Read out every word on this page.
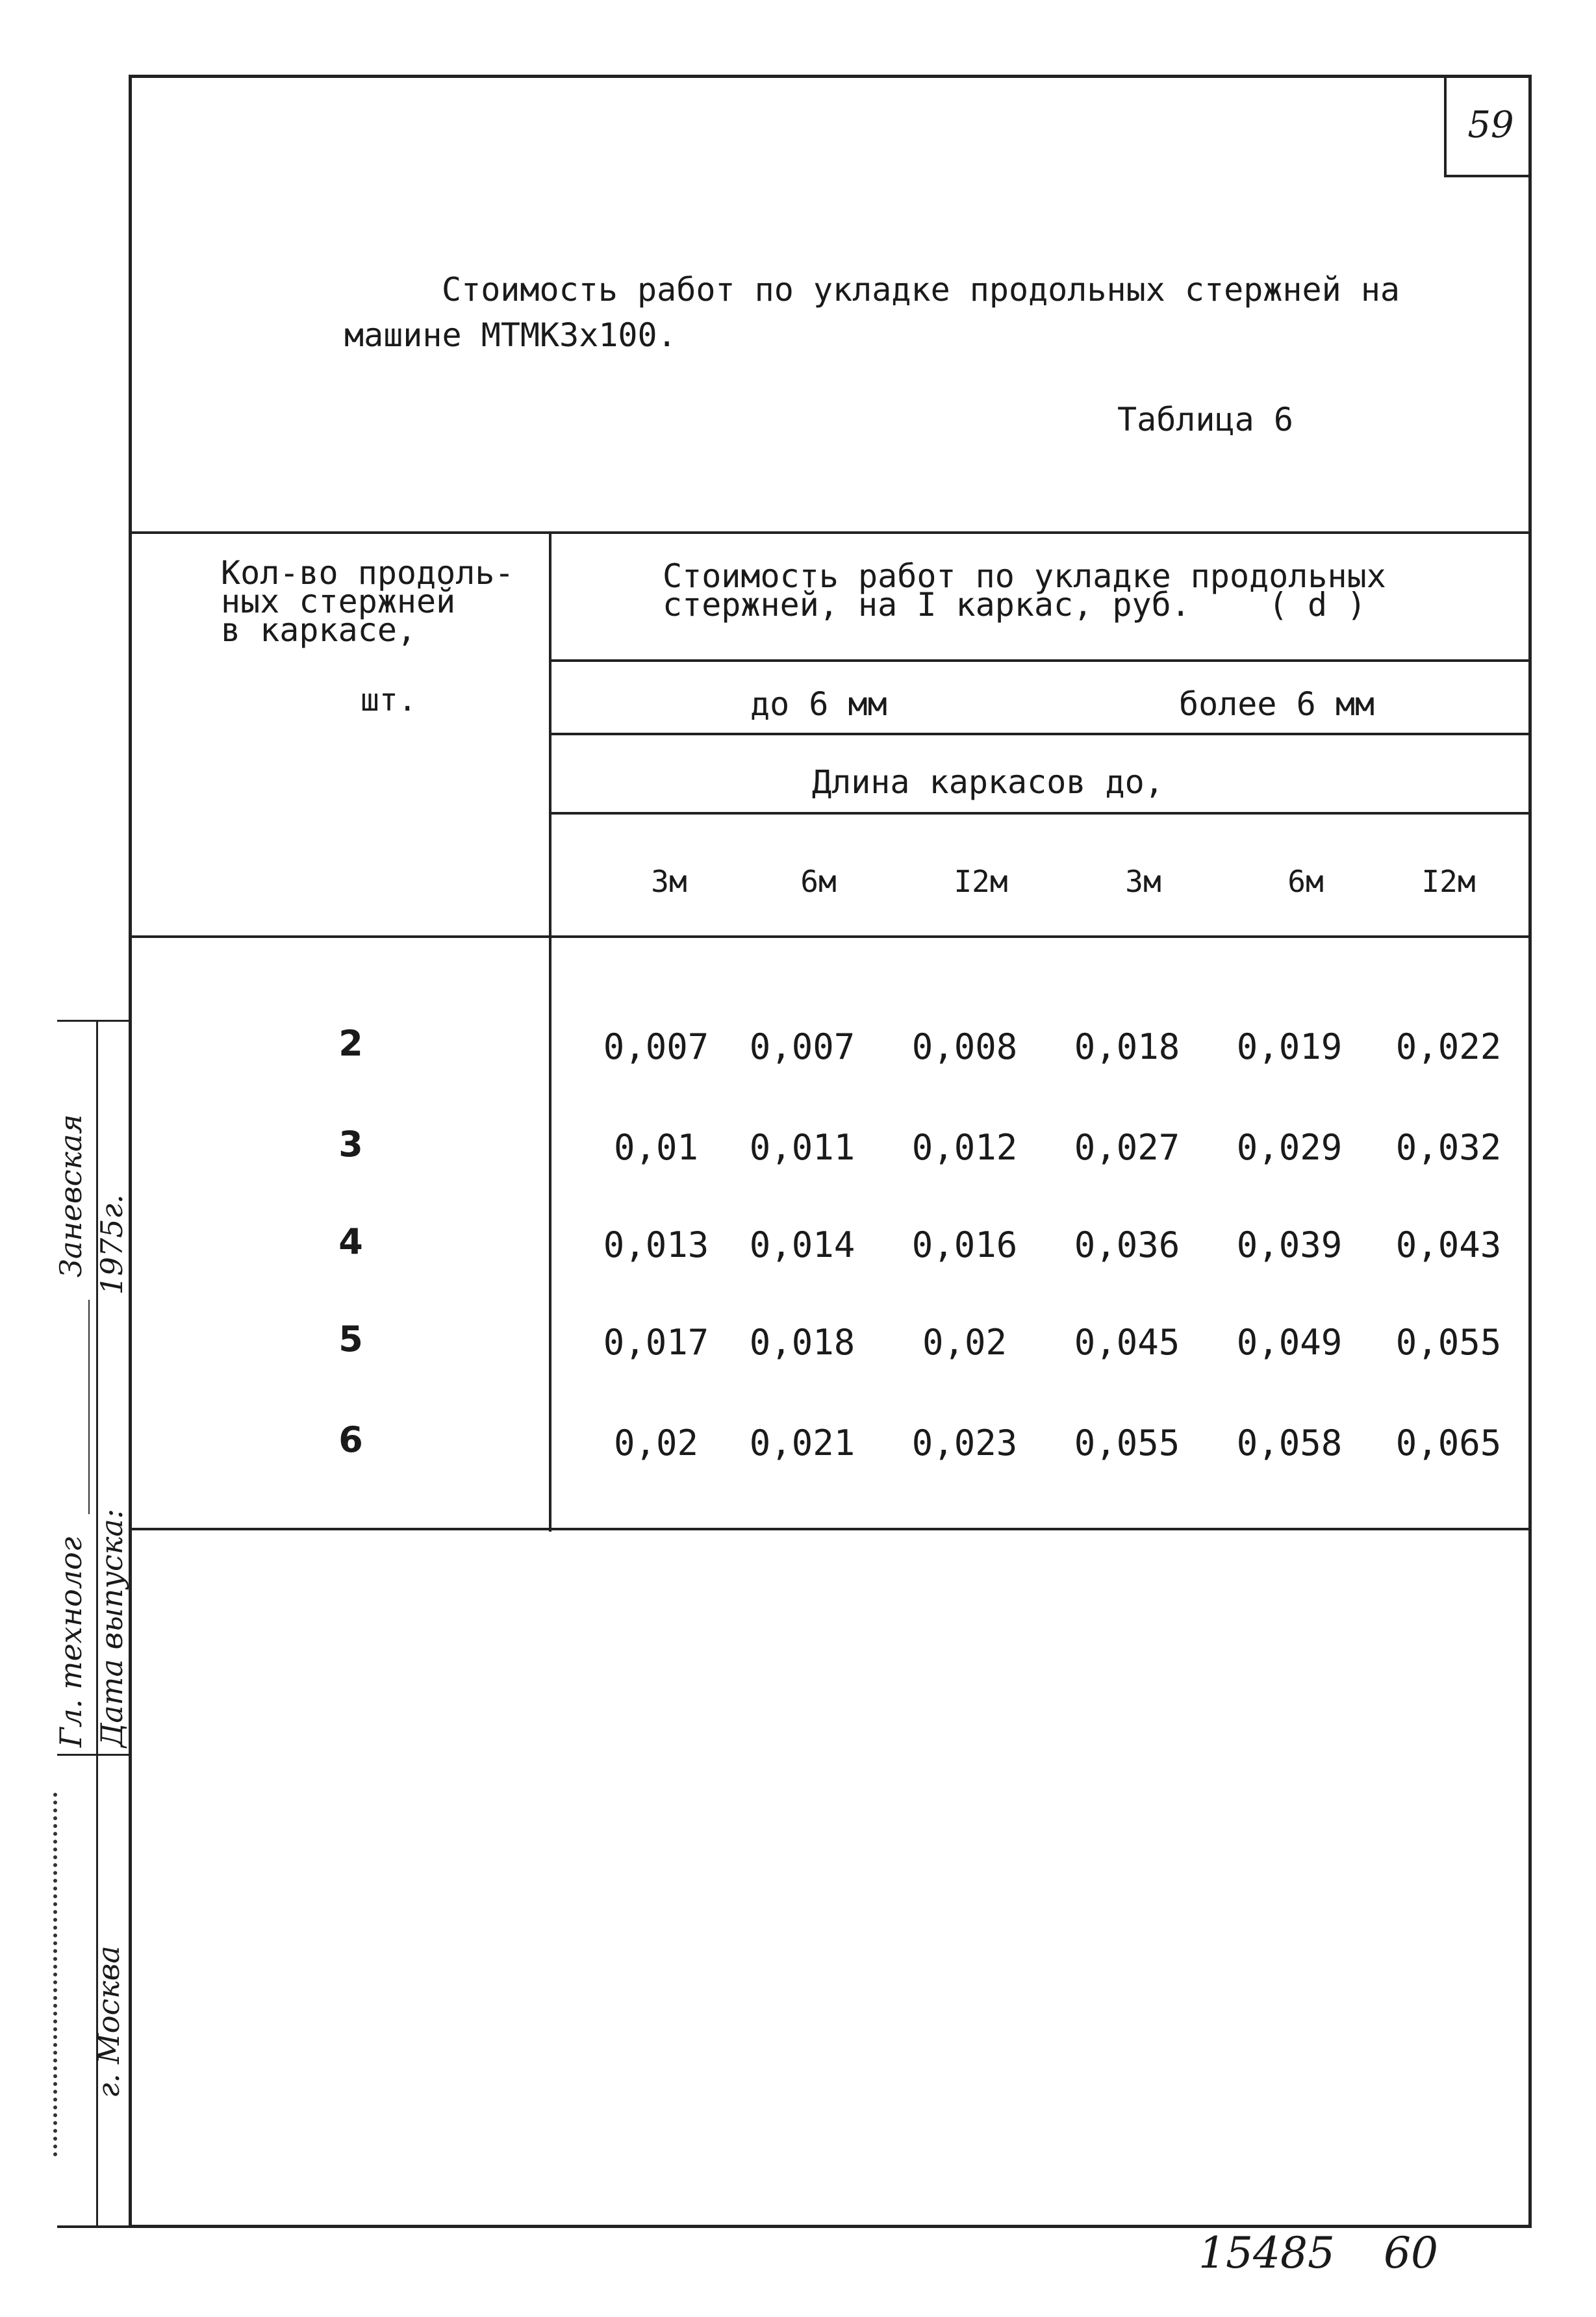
59
Стоимость работ по укладке продольных стержней на
машине МТМК3х100.
Таблица 6
Кол-во продоль-
ных стержней
в каркасе,
шт.
Стоимость работ по укладке продольных
стержней, на I каркас, руб. ( d )
до 6 мм	более 6 мм
Длина каркасов до,
3м	6м	I2м	3м	6м	I2м
2	0,007	0,007	0,008	0,018	0,019	0,022
3	0,01	0,011	0,012	0,027	0,029	0,032
4	0,013	0,014	0,016	0,036	0,039	0,043
5	0,017	0,018	0,02	0,045	0,049	0,055
6	0,02	0,021	0,023	0,055	0,058	0,065
Гл. технолог   Заневская
Дата выпуска:  1975г.
г. Москва
15485 60
